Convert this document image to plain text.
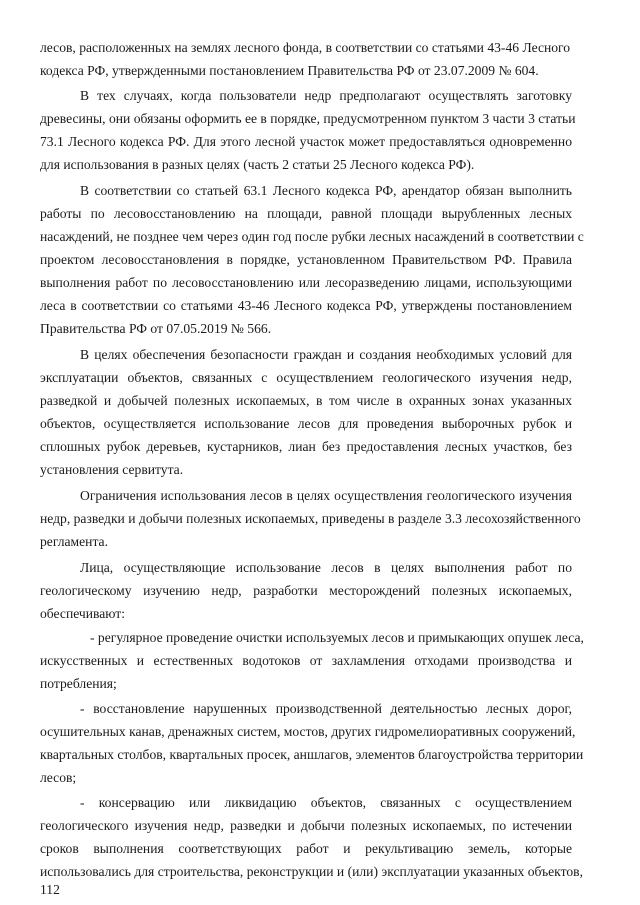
лесов, расположенных на землях лесного фонда, в соответствии со статьями 43-46 Лесного
кодекса РФ, утвержденными постановлением Правительства РФ от 23.07.2009 № 604.
В тех случаях, когда пользователи недр предполагают осуществлять заготовку
древесины, они обязаны оформить ее в порядке, предусмотренном пунктом 3 части 3 статьи
73.1 Лесного кодекса РФ. Для этого лесной участок может предоставляться одновременно
для использования в разных целях (часть 2 статьи 25 Лесного кодекса РФ).
В соответствии со статьей 63.1 Лесного кодекса РФ, арендатор обязан выполнить
работы по лесовосстановлению на площади, равной площади вырубленных лесных
насаждений, не позднее чем через один год после рубки лесных насаждений в соответствии с
проектом лесовосстановления в порядке, установленном Правительством РФ. Правила
выполнения работ по лесовосстановлению или лесоразведению лицами, использующими
леса в соответствии со статьями 43-46 Лесного кодекса РФ, утверждены постановлением
Правительства РФ от 07.05.2019 № 566.
В целях обеспечения безопасности граждан и создания необходимых условий для
эксплуатации объектов, связанных с осуществлением геологического изучения недр,
разведкой и добычей полезных ископаемых, в том числе в охранных зонах указанных
объектов, осуществляется использование лесов для проведения выборочных рубок и
сплошных рубок деревьев, кустарников, лиан без предоставления лесных участков, без
установления сервитута.
Ограничения использования лесов в целях осуществления геологического изучения
недр, разведки и добычи полезных ископаемых, приведены в разделе 3.3 лесохозяйственного
регламента.
Лица, осуществляющие использование лесов в целях выполнения работ по
геологическому изучению недр, разработки месторождений полезных ископаемых,
обеспечивают:
- регулярное проведение очистки используемых лесов и примыкающих опушек леса,
искусственных и естественных водотоков от захламления отходами производства и
потребления;
- восстановление нарушенных производственной деятельностью лесных дорог,
осушительных канав, дренажных систем, мостов, других гидромелиоративных сооружений,
квартальных столбов, квартальных просек, аншлагов, элементов благоустройства территории
лесов;
- консервацию или ликвидацию объектов, связанных с осуществлением
геологического изучения недр, разведки и добычи полезных ископаемых, по истечении
сроков выполнения соответствующих работ и рекультивацию земель, которые
использовались для строительства, реконструкции и (или) эксплуатации указанных объектов,
112
